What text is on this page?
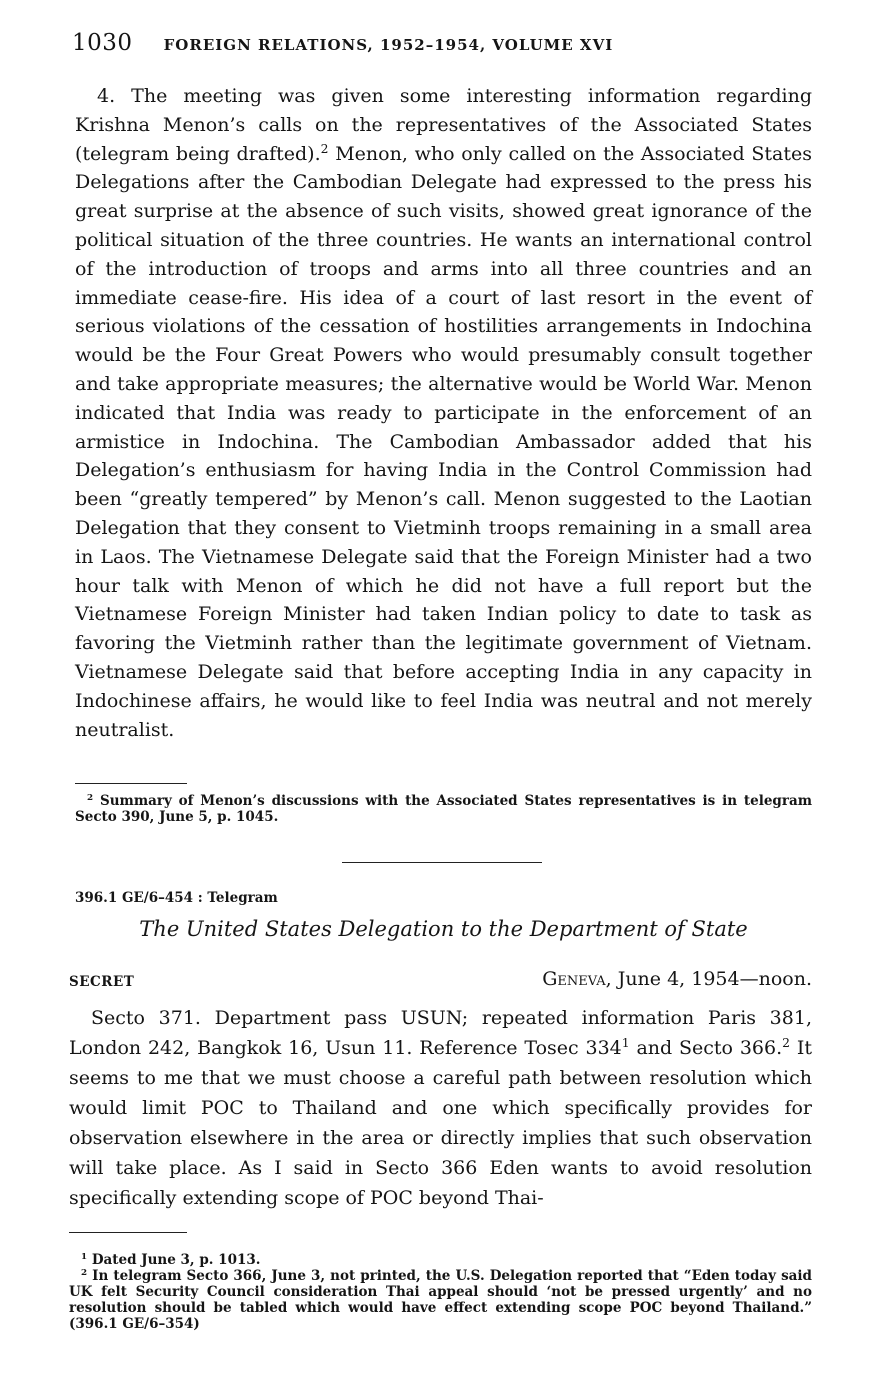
1030 FOREIGN RELATIONS, 1952–1954, VOLUME XVI

4. The meeting was given some interesting information regarding Krishna Menon’s calls on the representatives of the Associated States (telegram being drafted).$^2$ Menon, who only called on the Associated States Delegations after the Cambodian Delegate had expressed to the press his great surprise at the absence of such visits, showed great ignorance of the political situation of the three countries. He wants an international control of the introduction of troops and arms into all three countries and an immediate cease-fire. His idea of a court of last resort in the event of serious violations of the cessation of hostilities arrangements in Indochina would be the Four Great Powers who would presumably consult together and take appropriate measures; the alternative would be World War. Menon indicated that India was ready to participate in the enforcement of an armistice in Indochina. The Cambodian Ambassador added that his Delegation’s enthusiasm for having India in the Control Commission had been “greatly tempered” by Menon’s call. Menon suggested to the Laotian Delegation that they consent to Vietminh troops remaining in a small area in Laos. The Vietnamese Delegate said that the Foreign Minister had a two hour talk with Menon of which he did not have a full report but the Vietnamese Foreign Minister had taken Indian policy to date to task as favoring the Vietminh rather than the legitimate government of Vietnam. Vietnamese Delegate said that before accepting India in any capacity in Indochinese affairs, he would like to feel India was neutral and not merely neutralist.

$^2$ Summary of Menon’s discussions with the Associated States representatives is in telegram Secto 390, June 5, p. 1045.

396.1 GE/6–454 : Telegram
The United States Delegation to the Department of State
SECRET	Geneva, June 4, 1954—noon.

Secto 371. Department pass USUN; repeated information Paris 381, London 242, Bangkok 16, Usun 11. Reference Tosec $334^1$ and Secto 366.$^2$ It seems to me that we must choose a careful path between resolution which would limit POC to Thailand and one which specifically provides for observation elsewhere in the area or directly implies that such observation will take place. As I said in Secto 366 Eden wants to avoid resolution specifically extending scope of POC beyond Thai-

$^1$ Dated June 3, p. 1013.

$^2$ In telegram Secto 366, June 3, not printed, the U.S. Delegation reported that “Eden today said UK felt Security Council consideration Thai appeal should ‘not be pressed urgently’ and no resolution should be tabled which would have effect extending scope POC beyond Thailand.” (396.1 GE/6–354)
